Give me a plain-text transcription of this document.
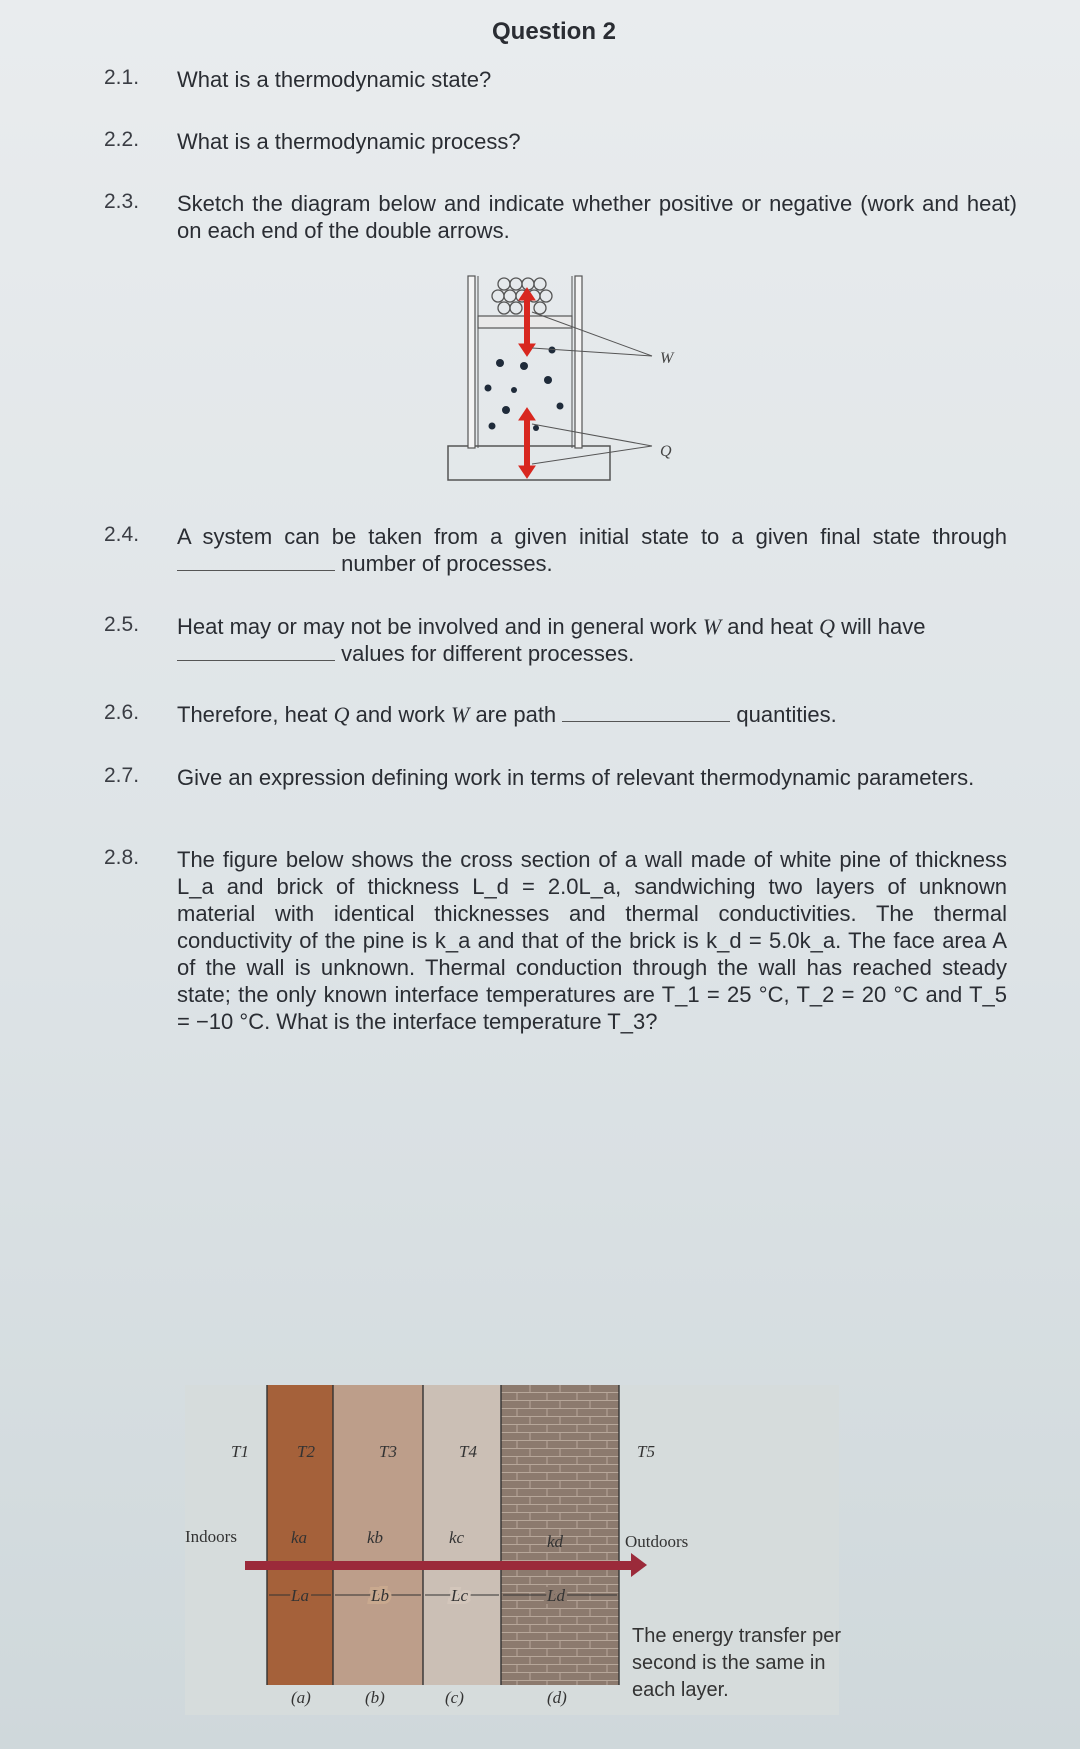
Question 2
2.1. What is a thermodynamic state?
2.2. What is a thermodynamic process?
2.3. Sketch the diagram below and indicate whether positive or negative (work and heat) on each end of the double arrows.
W
Q
2.4. A system can be taken from a given initial state to a given final state through number of processes.
2.5. Heat may or may not be involved and in general work W and heat Q will have
values for different processes.
2.6. Therefore, heat Q and work W are path	quantities.
2.7. Give an expression defining work in terms of relevant thermodynamic parameters.
2.8. The figure below shows the cross section of a wall made of white pine of thickness L_a and brick of thickness L_d = 2.0L_a, sandwiching two layers of unknown material with identical thicknesses and thermal conductivities. The thermal conductivity of the pine is k_a and that of the brick is k_d = 5.0k_a. The face area A of the wall is unknown. Thermal conduction through the wall has reached steady state; the only known interface temperatures are T_1 = 25 °C, T_2 = 20 °C and T_5 = −10 °C. What is the interface temperature T_3?
T1	T2	T3	T4	T5
ka	kb	kc	kd
Indoors	Outdoors
La	Lb	Lc	Ld
(a)	(b)	(c)	(d)
The energy transfer per second is the same in each layer.
